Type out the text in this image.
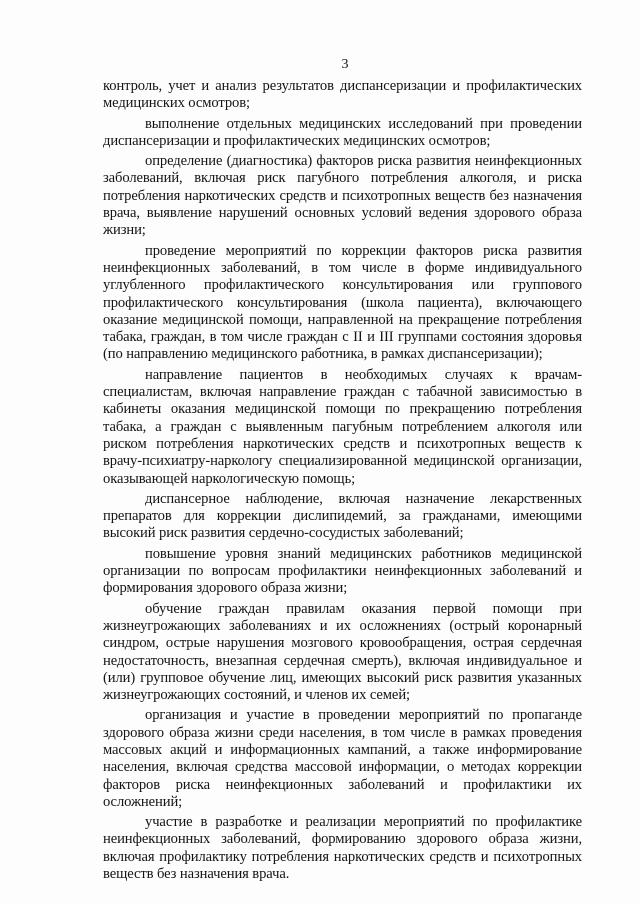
3

контроль, учет и анализ результатов диспансеризации и профилактических медицинских осмотров;

выполнение отдельных медицинских исследований при проведении диспансеризации и профилактических медицинских осмотров;

определение (диагностика) факторов риска развития неинфекционных заболеваний, включая риск пагубного потребления алкоголя, и риска потребления наркотических средств и психотропных веществ без назначения врача, выявление нарушений основных условий ведения здорового образа жизни;

проведение мероприятий по коррекции факторов риска развития неинфекционных заболеваний, в том числе в форме индивидуального углубленного профилактического консультирования или группового профилактического консультирования (школа пациента), включающего оказание медицинской помощи, направленной на прекращение потребления табака, граждан, в том числе граждан с II и III группами состояния здоровья (по направлению медицинского работника, в рамках диспансеризации);

направление пациентов в необходимых случаях к врачам-специалистам, включая направление граждан с табачной зависимостью в кабинеты оказания медицинской помощи по прекращению потребления табака, а граждан с выявленным пагубным потреблением алкоголя или риском потребления наркотических средств и психотропных веществ к врачу-психиатру-наркологу специализированной медицинской организации, оказывающей наркологическую помощь;

диспансерное наблюдение, включая назначение лекарственных препаратов для коррекции дислипидемий, за гражданами, имеющими высокий риск развития сердечно-сосудистых заболеваний;

повышение уровня знаний медицинских работников медицинской организации по вопросам профилактики неинфекционных заболеваний и формирования здорового образа жизни;

обучение граждан правилам оказания первой помощи при жизнеугрожающих заболеваниях и их осложнениях (острый коронарный синдром, острые нарушения мозгового кровообращения, острая сердечная недостаточность, внезапная сердечная смерть), включая индивидуальное и (или) групповое обучение лиц, имеющих высокий риск развития указанных жизнеугрожающих состояний, и членов их семей;

организация и участие в проведении мероприятий по пропаганде здорового образа жизни среди населения, в том числе в рамках проведения массовых акций и информационных кампаний, а также информирование населения, включая средства массовой информации, о методах коррекции факторов риска неинфекционных заболеваний и профилактики их осложнений;

участие в разработке и реализации мероприятий по профилактике неинфекционных заболеваний, формированию здорового образа жизни, включая профилактику потребления наркотических средств и психотропных веществ без назначения врача.
